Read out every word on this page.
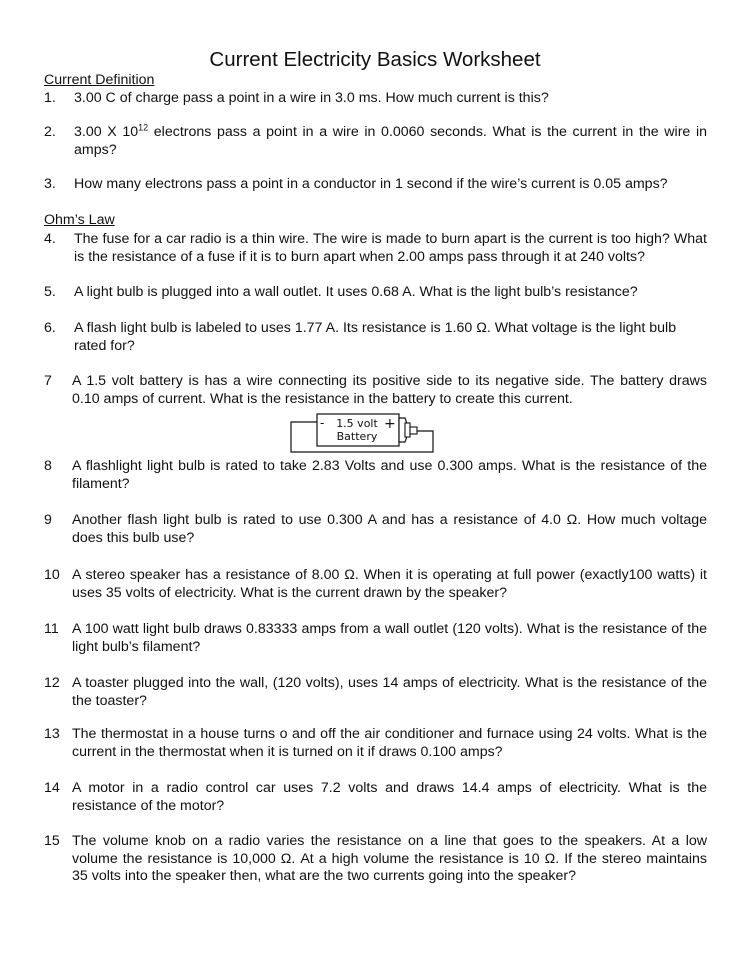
Current Electricity Basics Worksheet
Current Definition
1. 3.00 C of charge pass a point in a wire in 3.0 ms. How much current is this?
2. 3.00 X $10^{12}$ electrons pass a point in a wire in 0.0060 seconds. What is the current in the wire in amps?
3. How many electrons pass a point in a conductor in 1 second if the wire’s current is 0.05 amps?
Ohm’s Law
4. The fuse for a car radio is a thin wire. The wire is made to burn apart is the current is too high? What is the resistance of a fuse if it is to burn apart when 2.00 amps pass through it at 240 volts?
5. A light bulb is plugged into a wall outlet. It uses 0.68 A. What is the light bulb’s resistance?
6. A flash light bulb is labeled to uses 1.77 A. Its resistance is 1.60 Ω. What voltage is the light bulb rated for?
7 A 1.5 volt battery is has a wire connecting its positive side to its negative side. The battery draws 0.10 amps of current. What is the resistance in the battery to create this current.
-	+
1.5 volt
Battery
8 A flashlight light bulb is rated to take 2.83 Volts and use 0.300 amps. What is the resistance of the filament?
9 Another flash light bulb is rated to use 0.300 A and has a resistance of 4.0 Ω. How much voltage does this bulb use?
10 A stereo speaker has a resistance of 8.00 Ω. When it is operating at full power (exactly100 watts) it uses 35 volts of electricity. What is the current drawn by the speaker?
11 A 100 watt light bulb draws 0.83333 amps from a wall outlet (120 volts). What is the resistance of the light bulb’s filament?
12 A toaster plugged into the wall, (120 volts), uses 14 amps of electricity. What is the resistance of the the toaster?
13 The thermostat in a house turns o and off the air conditioner and furnace using 24 volts. What is the current in the thermostat when it is turned on it if draws 0.100 amps?
14 A motor in a radio control car uses 7.2 volts and draws 14.4 amps of electricity. What is the resistance of the motor?
15 The volume knob on a radio varies the resistance on a line that goes to the speakers. At a low volume the resistance is 10,000 Ω. At a high volume the resistance is 10 Ω. If the stereo maintains 35 volts into the speaker then, what are the two currents going into the speaker?
